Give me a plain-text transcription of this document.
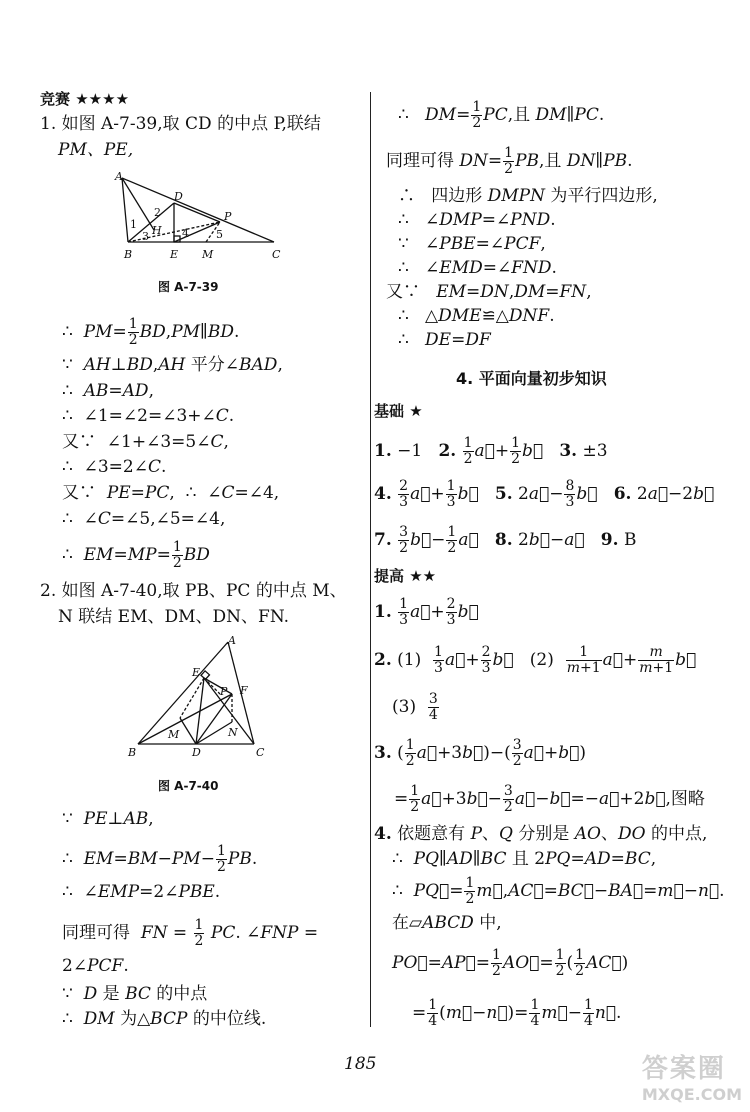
竞赛 ★★★★
1. 如图 A-7-39,取 CD 的中点 P,联结
PM、PE,
A
D
2	P
H
1
3	4 5
B	E M	C
图 A-7-39
∴  $PM= \frac{1}{2}$ BD,PM∥BD.
∵  AH⊥BD,AH 平分∠BAD,
∴  AB=AD,
∴  ∠1=∠2=∠3+∠C.
又∵  ∠1+∠3=5∠C,
∴  ∠3=2∠C.
又∵  PE=PC,  ∴  ∠C=∠4,
∴  ∠C=∠5,∠5=∠4,
∴  $EM=MP= \frac{1}{2}$ BD
2. 如图 A-7-40,取 PB、PC 的中点 M、
N 联结 EM、DM、DN、FN.
A
E
P F
M	N
B	D	C
图 A-7-40
∵  PE⊥AB,
∴  $EM=BM-PM- \frac{1}{2}$ PB.
∴  ∠EMP=2∠PBE.
同理可得  FN = $\frac{1}{2}$ PC. ∠FNP =
2∠PCF.
∵  D 是 BC 的中点
∴  DM 为△BCP 的中位线.
∴   $DM= \frac{1}{2}$ PC,且 DM∥PC.
同理可得 $DN= \frac{1}{2}$ PB,且 DN∥PB.
∴   四边形 DMPN 为平行四边形,
∴   ∠DMP=∠PND.
∵   ∠PBE=∠PCF,
∴   ∠EMD=∠FND.
又∵   EM=DN,DM=FN,
∴   △DME≌△DNF.
∴   DE=DF
4. 平面向量初步知识
基础 ★
1. −1   2. $\frac{1}{2}$ a⃗+ $\frac{1}{2}$ b⃗ 3. ±3
4. $\frac{2}{3}$ a⃗+ $\frac{1}{3}$ b⃗ 5. 2a⃗− $\frac{8}{3}$ b⃗ 6. 2a⃗−2b⃗
7. $\frac{3}{2}$ b⃗− $\frac{1}{2}$ a⃗ 8. 2b⃗−a⃗ 9. B
提高 ★★
1. $\frac{1}{3}$ a⃗+ $\frac{2}{3}$ b⃗
2. $(1) \frac{1}{3}$ a⃗+ $\frac{2}{3}$ b⃗   $(2) \frac{1}{m+1}$ a⃗+ $\frac{m}{m+1}$ b⃗
$(3) \frac{3}{4}$
3. ( $\frac{1}{2}$ a⃗+3b⃗)−( $\frac{3}{2}$ a⃗+b⃗)
= $\frac{1}{2}$ a⃗+3b⃗− $\frac{3}{2}$ a⃗−b⃗=−a⃗+2b⃗,图略
4. 依题意有 P、Q 分别是 AO、DO 的中点,
∴  PQ∥AD∥BC 且 2PQ=AD=BC,
∴  PQ⃗= $\frac{1}{2}$ m⃗,AC⃗=BC⃗−BA⃗=m⃗−n⃗.
在▱ABCD 中,
PO⃗=AP⃗= $\frac{1}{2}$ AO⃗= $\frac{1}{2}$ ( $\frac{1}{2}$ AC⃗)
= $\frac{1}{4}$ (m⃗−n⃗)= $\frac{1}{4}$ m⃗− $\frac{1}{4}$ n⃗.
185	答案圈
MXQE.COM
